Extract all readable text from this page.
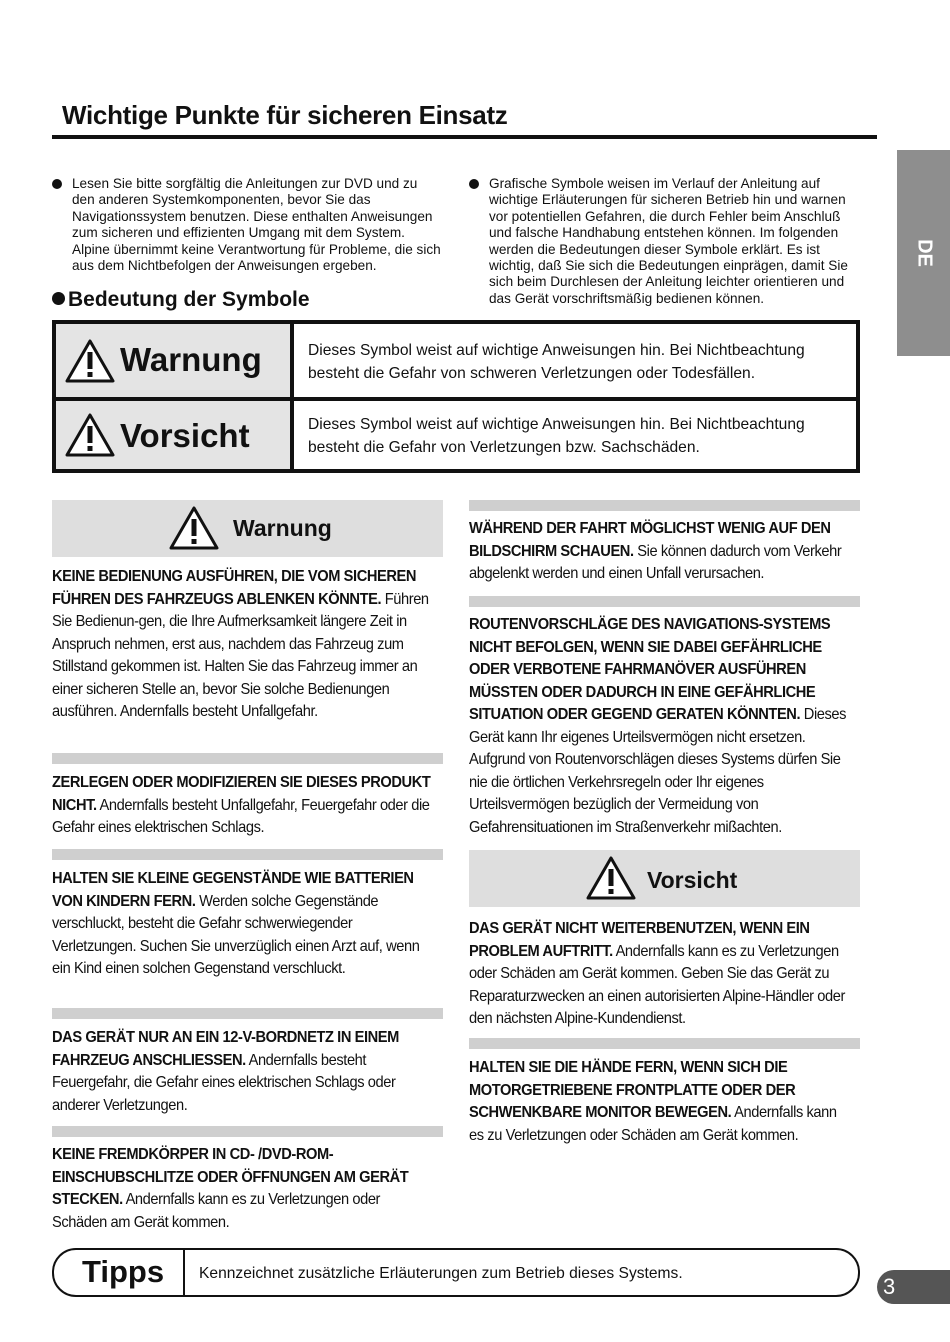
Wichtige Punkte für sicheren Einsatz
DE

Lesen Sie bitte sorgfältig die Anleitungen zur DVD und zu den anderen Systemkomponenten, bevor Sie das Navigationssystem benutzen. Diese enthalten Anweisungen zum sicheren und effizienten Umgang mit dem System. Alpine übernimmt keine Verantwortung für Probleme, die sich aus dem Nichtbefolgen der Anweisungen ergeben.

Grafische Symbole weisen im Verlauf der Anleitung auf wichtige Erläuterungen für sicheren Betrieb hin und warnen vor potentiellen Gefahren, die durch Fehler beim Anschluß und falsche Handhabung entstehen können. Im folgenden werden die Bedeutungen dieser Symbole erklärt. Es ist wichtig, daß Sie sich die Bedeutungen einprägen, damit Sie sich beim Durchlesen der Anleitung leichter orientieren und das Gerät vorschriftsmäßig bedienen können.

Bedeutung der Symbole
Warnung	Dieses Symbol weist auf wichtige Anweisungen hin. Bei Nichtbeachtung besteht die Gefahr von schweren Verletzungen oder Todesfällen.
Vorsicht	Dieses Symbol weist auf wichtige Anweisungen hin. Bei Nichtbeachtung besteht die Gefahr von Verletzungen bzw. Sachschäden.
Warnung
KEINE BEDIENUNG AUSFÜHREN, DIE VOM SICHEREN FÜHREN DES FAHRZEUGS ABLENKEN KÖNNTE. Führen Sie Bedienun-gen, die Ihre Aufmerksamkeit längere Zeit in Anspruch nehmen, erst aus, nachdem das Fahrzeug zum Stillstand gekommen ist. Halten Sie das Fahrzeug immer an einer sicheren Stelle an, bevor Sie solche Bedienungen ausführen. Andernfalls besteht Unfallgefahr.
ZERLEGEN ODER MODIFIZIEREN SIE DIESES PRODUKT NICHT. Andernfalls besteht Unfallgefahr, Feuergefahr oder die Gefahr eines elektrischen Schlags.
HALTEN SIE KLEINE GEGENSTÄNDE WIE BATTERIEN VON KINDERN FERN. Werden solche Gegenstände verschluckt, besteht die Gefahr schwerwiegender Verletzungen. Suchen Sie unverzüglich einen Arzt auf, wenn ein Kind einen solchen Gegenstand verschluckt.
DAS GERÄT NUR AN EIN 12-V-BORDNETZ IN EINEM FAHRZEUG ANSCHLIESSEN. Andernfalls besteht Feuergefahr, die Gefahr eines elektrischen Schlags oder anderer Verletzungen.
KEINE FREMDKÖRPER IN CD- /DVD-ROM-EINSCHUBSCHLITZE ODER ÖFFNUNGEN AM GERÄT STECKEN. Andernfalls kann es zu Verletzungen oder Schäden am Gerät kommen.
WÄHREND DER FAHRT MÖGLICHST WENIG AUF DEN BILDSCHIRM SCHAUEN. Sie können dadurch vom Verkehr abgelenkt werden und einen Unfall verursachen.
ROUTENVORSCHLÄGE DES NAVIGATIONS-SYSTEMS NICHT BEFOLGEN, WENN SIE DABEI GEFÄHRLICHE ODER VERBOTENE FAHRMANÖVER AUSFÜHREN MÜSSTEN ODER DADURCH IN EINE GEFÄHRLICHE SITUATION ODER GEGEND GERATEN KÖNNTEN. Dieses Gerät kann Ihr eigenes Urteilsvermögen nicht ersetzen. Aufgrund von Routenvorschlägen dieses Systems dürfen Sie nie die örtlichen Verkehrsregeln oder Ihr eigenes Urteilsvermögen bezüglich der Vermeidung von Gefahrensituationen im Straßenverkehr mißachten.
Vorsicht
DAS GERÄT NICHT WEITERBENUTZEN, WENN EIN PROBLEM AUFTRITT. Andernfalls kann es zu Verletzungen oder Schäden am Gerät kommen. Geben Sie das Gerät zu Reparaturzwecken an einen autorisierten Alpine-Händler oder den nächsten Alpine-Kundendienst.
HALTEN SIE DIE HÄNDE FERN, WENN SICH DIE MOTORGETRIEBENE FRONTPLATTE ODER DER SCHWENKBARE MONITOR BEWEGEN. Andernfalls kann es zu Verletzungen oder Schäden am Gerät kommen.
Tipps Kennzeichnet zusätzliche Erläuterungen zum Betrieb dieses Systems.
3
